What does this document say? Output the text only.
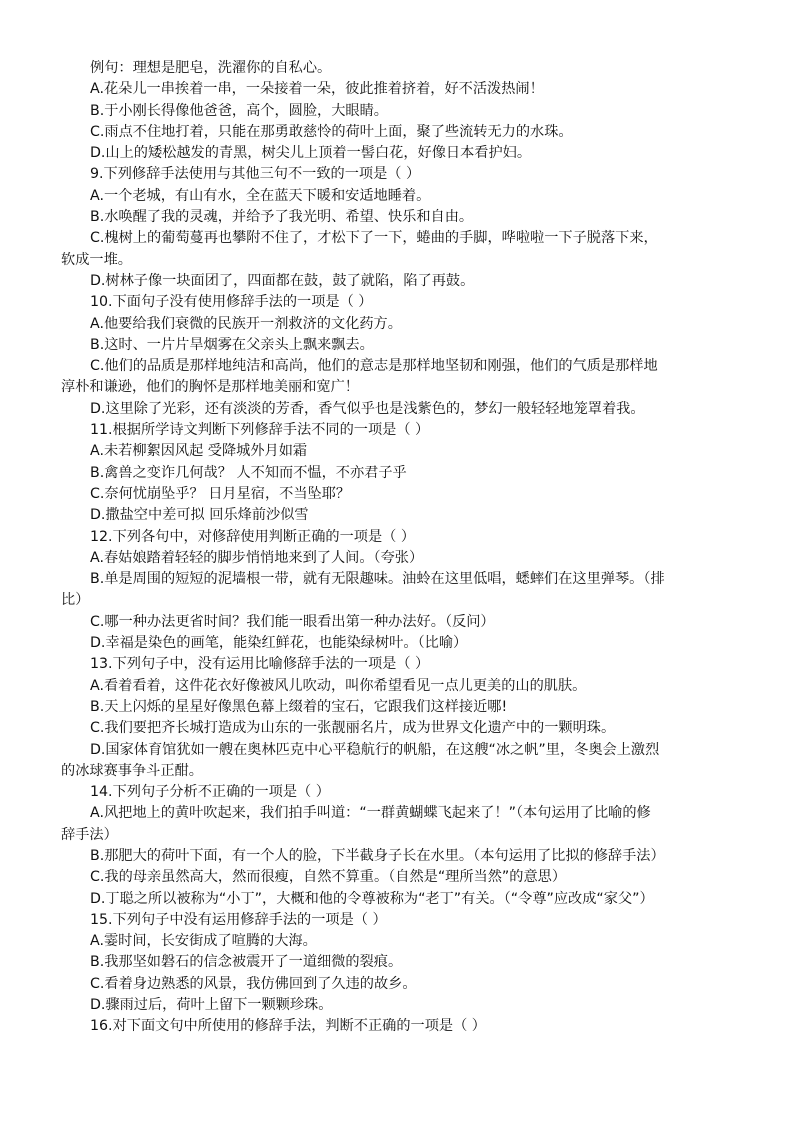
例句：理想是肥皂，洗濯你的自私心。

A.花朵儿一串挨着一串，一朵接着一朵，彼此推着挤着，好不活泼热闹！

B.于小刚长得像他爸爸，高个，圆脸，大眼睛。

C.雨点不住地打着，只能在那勇敢慈怜的荷叶上面，聚了些流转无力的水珠。

D.山上的矮松越发的青黑，树尖儿上顶着一髻白花，好像日本看护妇。

9.下列修辞手法使用与其他三句不一致的一项是（ ）

A.一个老城，有山有水，全在蓝天下暖和安适地睡着。

B.水唤醒了我的灵魂，并给予了我光明、希望、快乐和自由。

C.槐树上的葡萄蔓再也攀附不住了，才松下了一下，蜷曲的手脚，哗啦啦一下子脱落下来，

软成一堆。

D.树林子像一块面团了，四面都在鼓，鼓了就陷，陷了再鼓。

10.下面句子没有使用修辞手法的一项是（ ）

A.他要给我们衰微的民族开一剂救济的文化药方。

B.这时、一片片旱烟雾在父亲头上飘来飘去。

C.他们的品质是那样地纯洁和高尚，他们的意志是那样地坚韧和刚强，他们的气质是那样地

淳朴和谦逊，他们的胸怀是那样地美丽和宽广！

D.这里除了光彩，还有淡淡的芳香，香气似乎也是浅紫色的，梦幻一般轻轻地笼罩着我。

11.根据所学诗文判断下列修辞手法不同的一项是（ ）

A.未若柳絮因风起 受降城外月如霜

B.禽兽之变诈几何哉？ 人不知而不愠，不亦君子乎

C.奈何忧崩坠乎？ 日月星宿，不当坠耶？

D.撒盐空中差可拟 回乐烽前沙似雪

12.下列各句中，对修辞使用判断正确的一项是（ ）

A.春姑娘踏着轻轻的脚步悄悄地来到了人间。（夸张）

B.单是周围的短短的泥墙根一带，就有无限趣味。油蛉在这里低唱，蟋蟀们在这里弹琴。（排

比）

C.哪一种办法更省时间？我们能一眼看出第一种办法好。（反问）

D.幸福是染色的画笔，能染红鲜花，也能染绿树叶。（比喻）

13.下列句子中，没有运用比喻修辞手法的一项是（ ）

A.看着看着，这件花衣好像被风儿吹动，叫你希望看见一点儿更美的山的肌肤。

B.天上闪烁的星星好像黑色幕上缀着的宝石，它跟我们这样接近哪!

C.我们要把齐长城打造成为山东的一张靓丽名片，成为世界文化遗产中的一颗明珠。

D.国家体育馆犹如一艘在奥林匹克中心平稳航行的帆船，在这艘“冰之帆”里，冬奥会上激烈

的冰球赛事争斗正酣。

14.下列句子分析不正确的一项是（ ）

A.风把地上的黄叶吹起来，我们拍手叫道：“一群黄蝴蝶飞起来了！”（本句运用了比喻的修

辞手法）

B.那肥大的荷叶下面，有一个人的脸，下半截身子长在水里。（本句运用了比拟的修辞手法）

C.我的母亲虽然高大，然而很瘦，自然不算重。（自然是“理所当然”的意思）

D.丁聪之所以被称为“小丁”，大概和他的令尊被称为“老丁”有关。（“令尊”应改成“家父”）

15.下列句子中没有运用修辞手法的一项是（ ）

A.霎时间，长安街成了喧腾的大海。

B.我那坚如磐石的信念被震开了一道细微的裂痕。

C.看着身边熟悉的风景，我仿佛回到了久违的故乡。

D.骤雨过后，荷叶上留下一颗颗珍珠。

16.对下面文句中所使用的修辞手法，判断不正确的一项是（ ）
